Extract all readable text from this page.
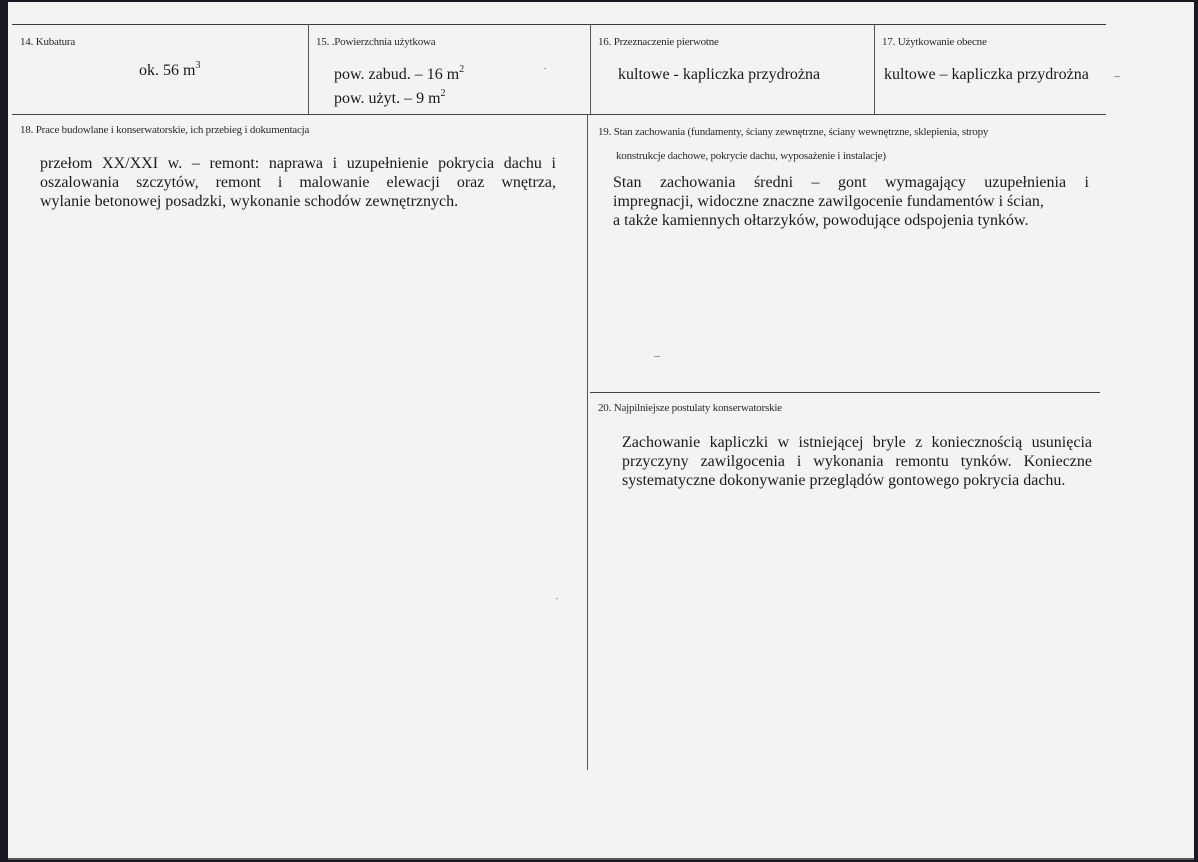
14. Kubatura
ok. 56 $m^3$
15. .Powierzchnia użytkowa
pow. zabud. – 16 $m^2$
pow. użyt. – 9 $m^2$
16. Przeznaczenie pierwotne
kultowe - kapliczka przydrożna
17. Użytkowanie obecne
kultowe – kapliczka przydrożna
18. Prace budowlane i konserwatorskie, ich przebieg i dokumentacja
przełom XX/XXI w. – remont: naprawa i uzupełnienie pokrycia dachu i
oszalowania szczytów, remont i malowanie elewacji oraz wnętrza,
wylanie betonowej posadzki, wykonanie schodów zewnętrznych.
19. Stan zachowania (fundamenty, ściany zewnętrzne, ściany wewnętrzne, sklepienia, stropy
konstrukcje dachowe, pokrycie dachu, wyposażenie i instalacje)
Stan zachowania średni – gont wymagający uzupełnienia i
impregnacji, widoczne znaczne zawilgocenie fundamentów i ścian,
a także kamiennych ołtarzyków, powodujące odspojenia tynków.
20. Najpilniejsze postulaty konserwatorskie
Zachowanie kapliczki w istniejącej bryle z koniecznością usunięcia
przyczyny zawilgocenia i wykonania remontu tynków. Konieczne
systematyczne dokonywanie przeglądów gontowego pokrycia dachu.
